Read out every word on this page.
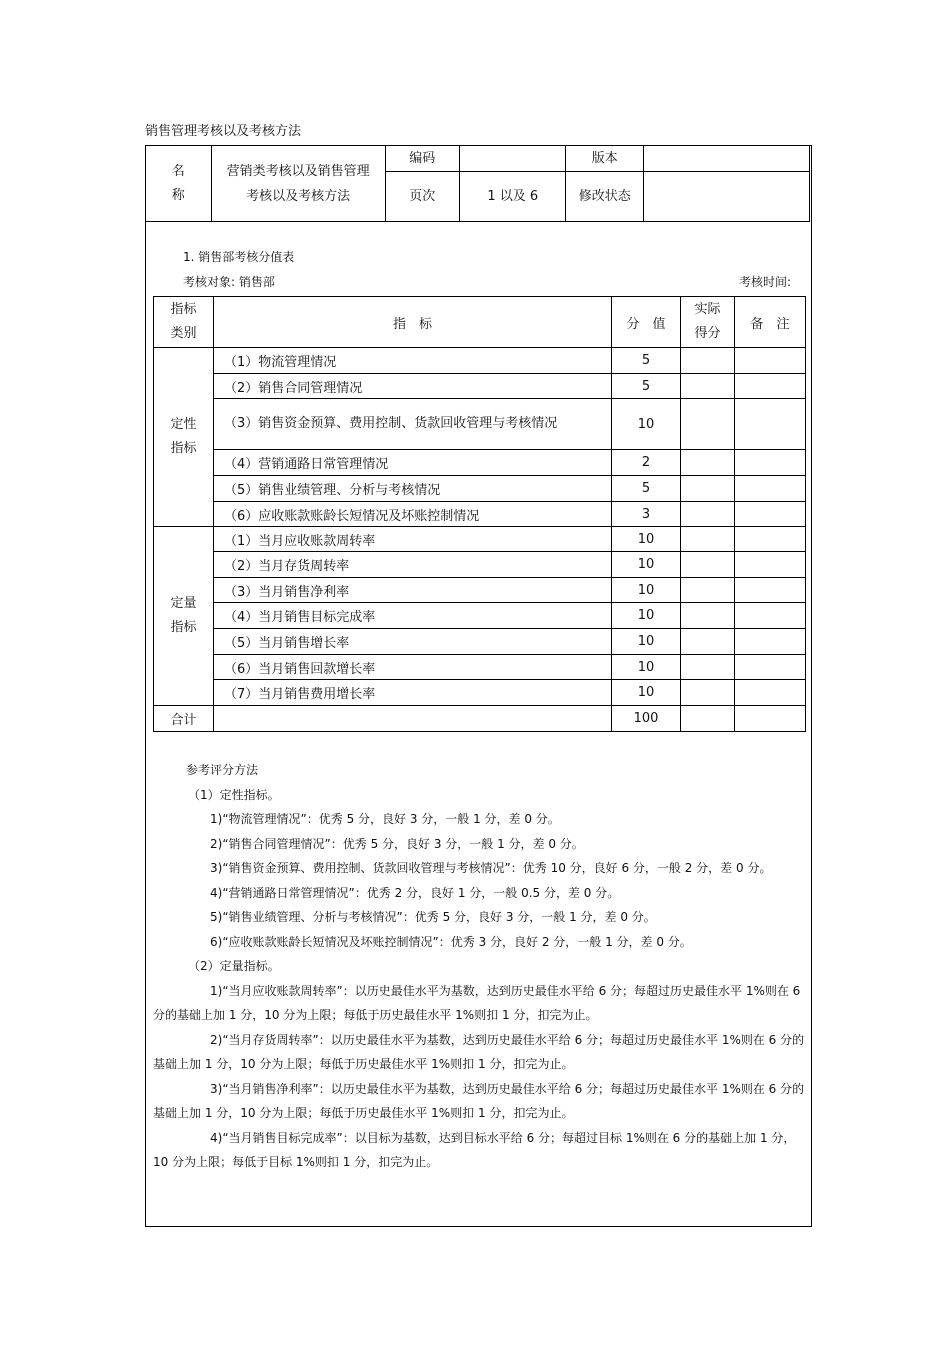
销售管理考核以及考核方法
名称	营销类考核以及销售管理考核以及考核方法	编码		版本	
		页次	1 以及 6	修改状态	

1. 销售部考核分值表
考核对象: 销售部	考核时间:
指标类别	指　标	分　值	实际得分	备　注

定性指标	（1）物流管理情况	5		
	（2）销售合同管理情况	5		
	（3）销售资金预算、费用控制、货款回收管理与考核情况	10		
	（4）营销通路日常管理情况	2		
	（5）销售业绩管理、分析与考核情况	5		
	（6）应收账款账龄长短情况及坏账控制情况	3		

定量指标	（1）当月应收账款周转率	10		
	（2）当月存货周转率	10		
	（3）当月销售净利率	10		
	（4）当月销售目标完成率	10		
	（5）当月销售增长率	10		
	（6）当月销售回款增长率	10		
	（7）当月销售费用增长率	10		
合计		100		

参考评分方法

（1）定性指标。

1)“物流管理情况”：优秀 5 分，良好 3 分，一般 1 分，差 0 分。

2)“销售合同管理情况”：优秀 5 分，良好 3 分，一般 1 分，差 0 分。

3)“销售资金预算、费用控制、货款回收管理与考核情况”：优秀 10 分，良好 6 分，一般 2 分，差 0 分。

4)“营销通路日常管理情况”：优秀 2 分，良好 1 分，一般 0.5 分，差 0 分。

5)“销售业绩管理、分析与考核情况”：优秀 5 分，良好 3 分，一般 1 分，差 0 分。

6)“应收账款账龄长短情况及坏账控制情况”：优秀 3 分，良好 2 分，一般 1 分，差 0 分。

（2）定量指标。

1)“当月应收账款周转率”：以历史最佳水平为基数，达到历史最佳水平给 6 分；每超过历史最佳水平 1%则在 6 分的基础上加 1 分，10 分为上限；每低于历史最佳水平 1%则扣 1 分，扣完为止。

2)“当月存货周转率”：以历史最佳水平为基数，达到历史最佳水平给 6 分；每超过历史最佳水平 1%则在 6 分的基础上加 1 分，10 分为上限；每低于历史最佳水平 1%则扣 1 分，扣完为止。

3)“当月销售净利率”：以历史最佳水平为基数，达到历史最佳水平给 6 分；每超过历史最佳水平 1%则在 6 分的基础上加 1 分，10 分为上限；每低于历史最佳水平 1%则扣 1 分，扣完为止。

4)“当月销售目标完成率”：以目标为基数，达到目标水平给 6 分；每超过目标 1%则在 6 分的基础上加 1 分，10 分为上限；每低于目标 1%则扣 1 分，扣完为止。
